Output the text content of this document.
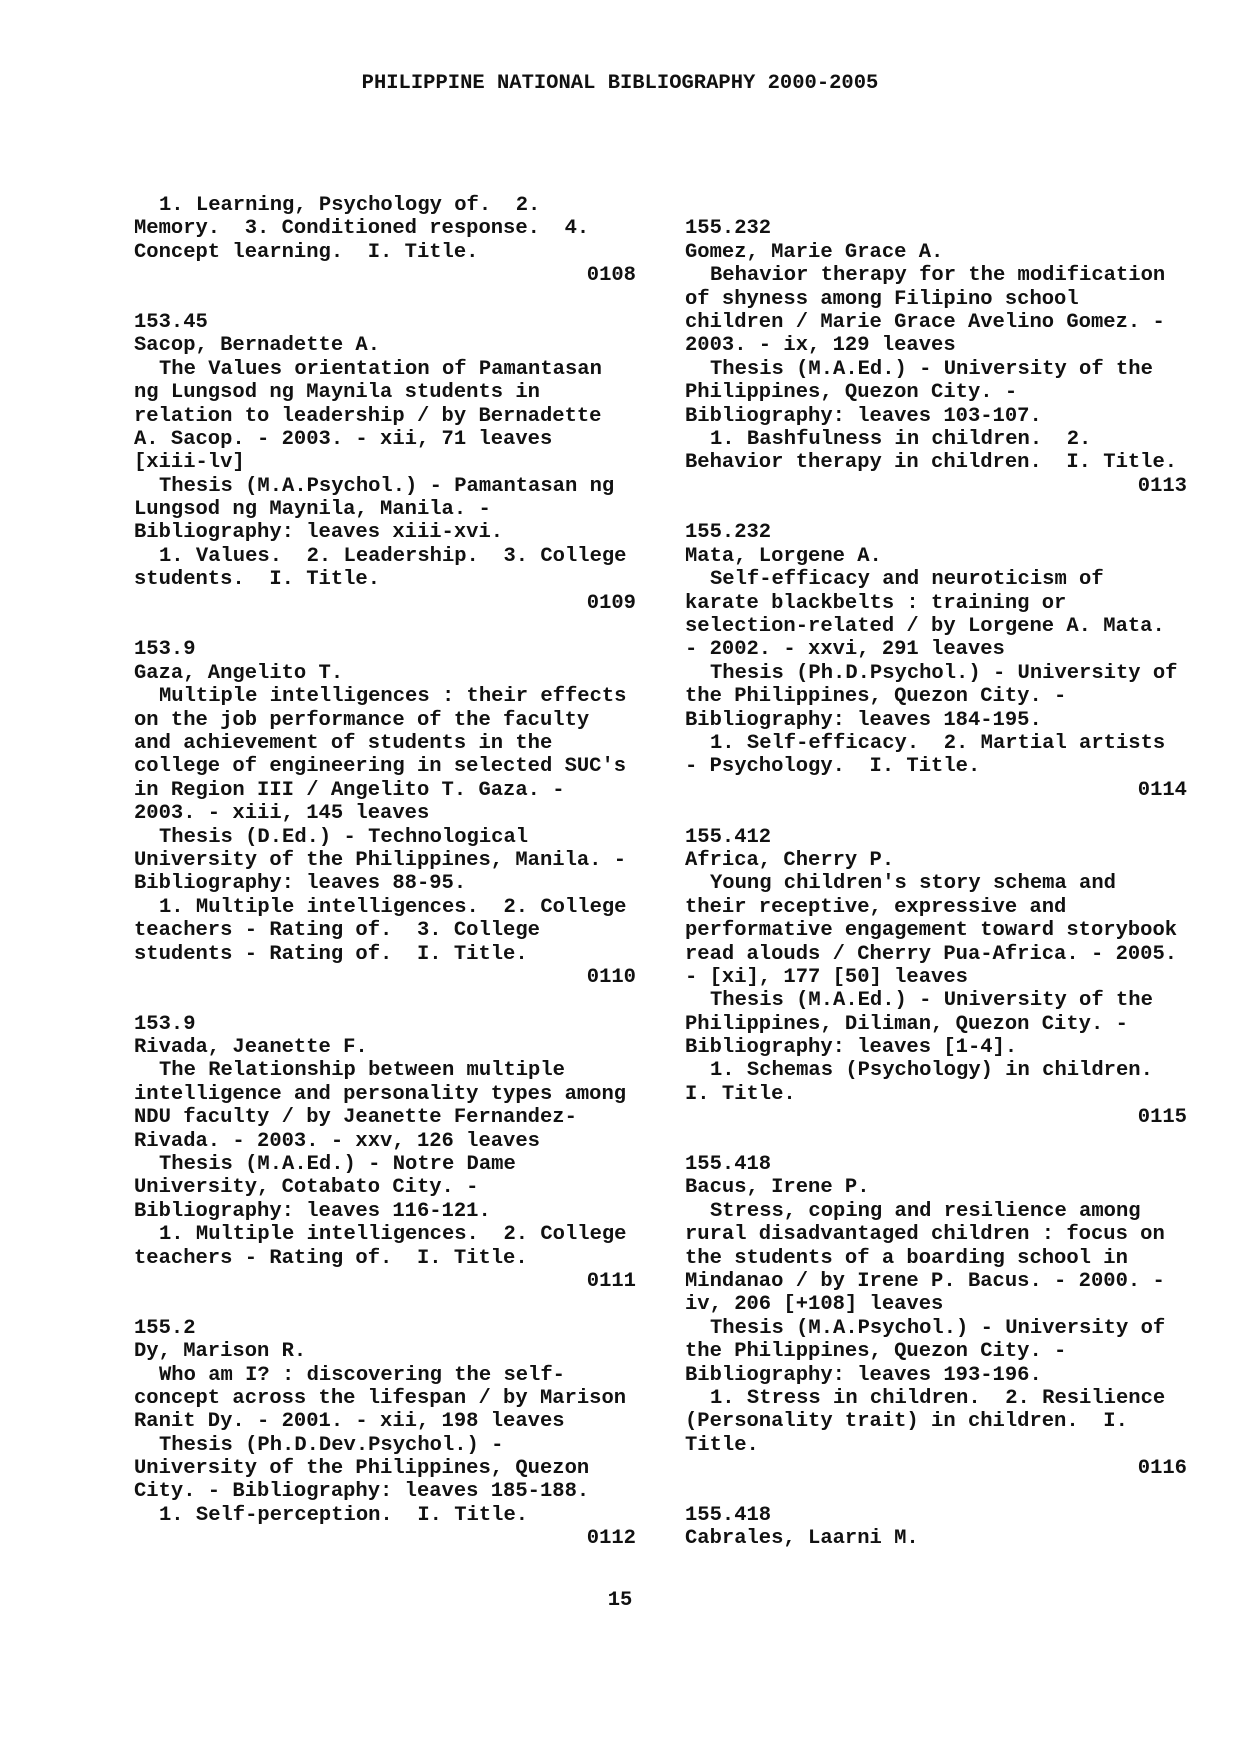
PHILIPPINE NATIONAL BIBLIOGRAPHY 2000-2005
1. Learning, Psychology of.  2.
Memory.  3. Conditioned response.  4.
Concept learning.  I. Title.
0108
153.45
Sacop, Bernadette A.
The Values orientation of Pamantasan
ng Lungsod ng Maynila students in
relation to leadership / by Bernadette
A. Sacop. - 2003. - xii, 71 leaves
[xiii-lv]
Thesis (M.A.Psychol.) - Pamantasan ng
Lungsod ng Maynila, Manila. -
Bibliography: leaves xiii-xvi.
1. Values.  2. Leadership.  3. College
students.  I. Title.
0109
153.9
Gaza, Angelito T.
Multiple intelligences : their effects
on the job performance of the faculty
and achievement of students in the
college of engineering in selected SUC's
in Region III / Angelito T. Gaza. -
2003. - xiii, 145 leaves
Thesis (D.Ed.) - Technological
University of the Philippines, Manila. -
Bibliography: leaves 88-95.
1. Multiple intelligences.  2. College
teachers - Rating of.  3. College
students - Rating of.  I. Title.
0110
153.9
Rivada, Jeanette F.
The Relationship between multiple
intelligence and personality types among
NDU faculty / by Jeanette Fernandez-
Rivada. - 2003. - xxv, 126 leaves
Thesis (M.A.Ed.) - Notre Dame
University, Cotabato City. -
Bibliography: leaves 116-121.
1. Multiple intelligences.  2. College
teachers - Rating of.  I. Title.
0111
155.2
Dy, Marison R.
Who am I? : discovering the self-
concept across the lifespan / by Marison
Ranit Dy. - 2001. - xii, 198 leaves
Thesis (Ph.D.Dev.Psychol.) -
University of the Philippines, Quezon
City. - Bibliography: leaves 185-188.
1. Self-perception.  I. Title.
0112
155.232
Gomez, Marie Grace A.
Behavior therapy for the modification
of shyness among Filipino school
children / Marie Grace Avelino Gomez. -
2003. - ix, 129 leaves
Thesis (M.A.Ed.) - University of the
Philippines, Quezon City. -
Bibliography: leaves 103-107.
1. Bashfulness in children.  2.
Behavior therapy in children.  I. Title.
0113
155.232
Mata, Lorgene A.
Self-efficacy and neuroticism of
karate blackbelts : training or
selection-related / by Lorgene A. Mata.
- 2002. - xxvi, 291 leaves
Thesis (Ph.D.Psychol.) - University of
the Philippines, Quezon City. -
Bibliography: leaves 184-195.
1. Self-efficacy.  2. Martial artists
- Psychology.  I. Title.
0114
155.412
Africa, Cherry P.
Young children's story schema and
their receptive, expressive and
performative engagement toward storybook
read alouds / Cherry Pua-Africa. - 2005.
- [xi], 177 [50] leaves
Thesis (M.A.Ed.) - University of the
Philippines, Diliman, Quezon City. -
Bibliography: leaves [1-4].
1. Schemas (Psychology) in children.
I. Title.
0115
155.418
Bacus, Irene P.
Stress, coping and resilience among
rural disadvantaged children : focus on
the students of a boarding school in
Mindanao / by Irene P. Bacus. - 2000. -
iv, 206 [+108] leaves
Thesis (M.A.Psychol.) - University of
the Philippines, Quezon City. -
Bibliography: leaves 193-196.
1. Stress in children.  2. Resilience
(Personality trait) in children.  I.
Title.
0116
155.418
Cabrales, Laarni M.
15
